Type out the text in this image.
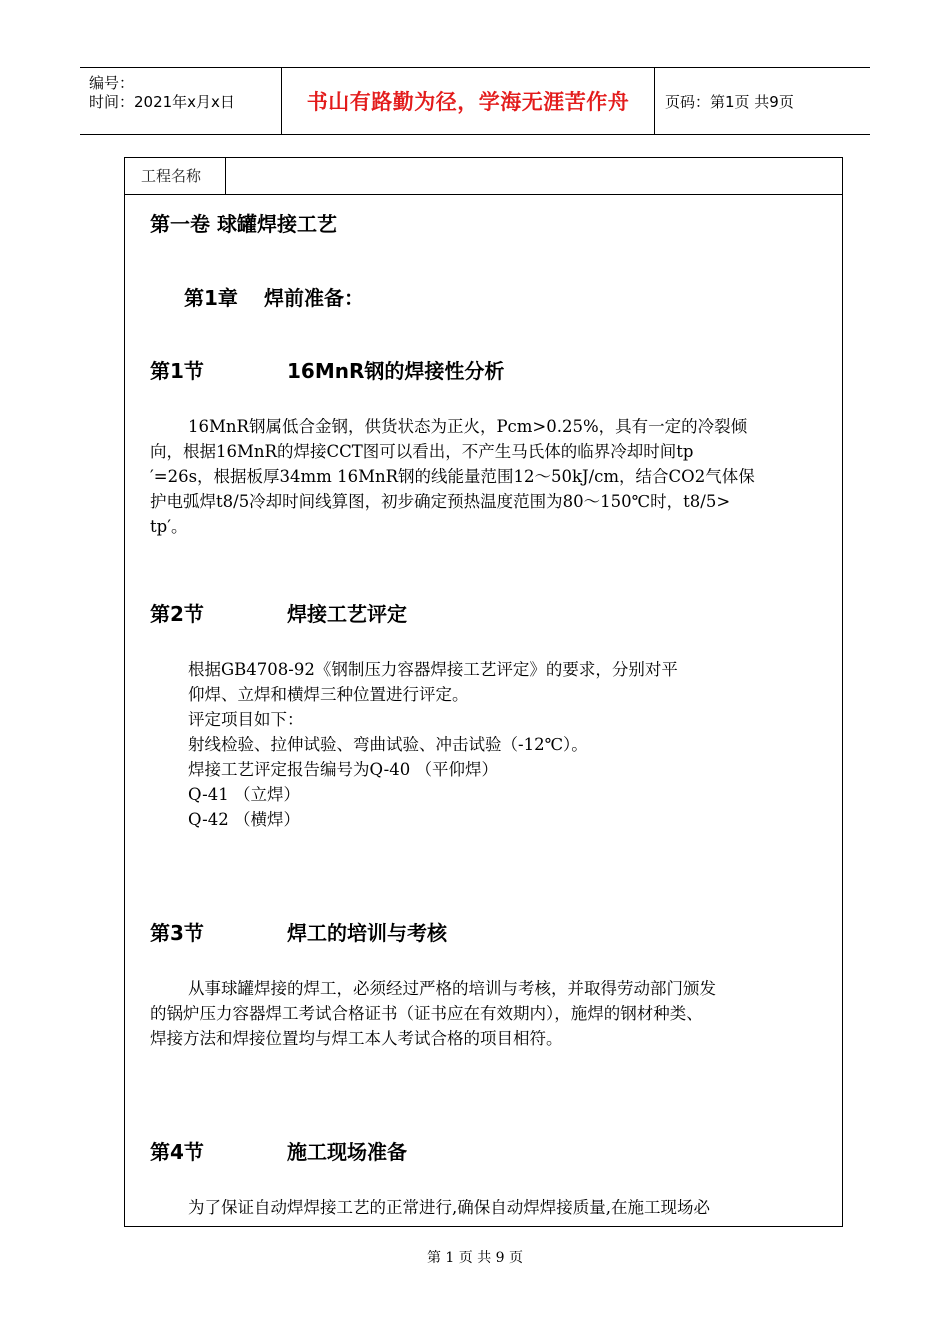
编号：
时间：2021年x月x日	书山有路勤为径，学海无涯苦作舟 页码：第1页 共9页
工程名称
第一卷 球罐焊接工艺
第1章 焊前准备：
第1节	16MnR钢的焊接性分析
16MnR钢属低合金钢，供货状态为正火，Pcm>0.25%，具有一定的冷裂倾
向，根据16MnR的焊接CCT图可以看出，不产生马氏体的临界冷却时间tp
′=26s，根据板厚34mm 16MnR钢的线能量范围12～50kJ/cm，结合CO2气体保
护电弧焊t8/5冷却时间线算图，初步确定预热温度范围为80～150℃时，t8/5>
tp′。
第2节	焊接工艺评定
根据GB4708-92《钢制压力容器焊接工艺评定》的要求，分别对平
仰焊、立焊和横焊三种位置进行评定。
评定项目如下：
射线检验、拉伸试验、弯曲试验、冲击试验（-12℃）。
焊接工艺评定报告编号为Q-40 （平仰焊）
Q-41 （立焊）
Q-42 （横焊）
第3节	焊工的培训与考核
从事球罐焊接的焊工，必须经过严格的培训与考核，并取得劳动部门颁发
的锅炉压力容器焊工考试合格证书（证书应在有效期内），施焊的钢材种类、
焊接方法和焊接位置均与焊工本人考试合格的项目相符。
第4节	施工现场准备
为了保证自动焊焊接工艺的正常进行,确保自动焊焊接质量,在施工现场必
第 1 页 共 9 页
